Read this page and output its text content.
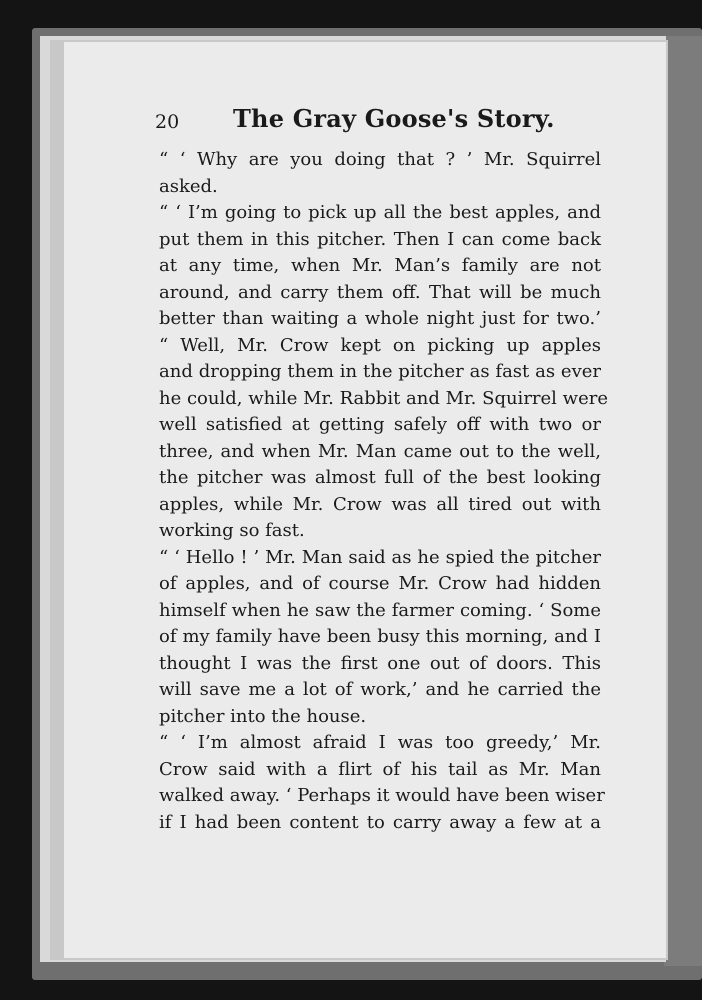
20 The Gray Goose's Story.

“ ‘ Why are you doing that ? ’ Mr. Squirrel
asked.
“ ‘ I’m going to pick up all the best apples, and
put them in this pitcher. Then I can come back
at any time, when Mr. Man’s family are not
around, and carry them off. That will be much
better than waiting a whole night just for two.’
“ Well, Mr. Crow kept on picking up apples
and dropping them in the pitcher as fast as ever
he could, while Mr. Rabbit and Mr. Squirrel were
well satisfied at getting safely off with two or
three, and when Mr. Man came out to the well,
the pitcher was almost full of the best looking
apples, while Mr. Crow was all tired out with
working so fast.
“ ‘ Hello ! ’ Mr. Man said as he spied the pitcher
of apples, and of course Mr. Crow had hidden
himself when he saw the farmer coming. ‘ Some
of my family have been busy this morning, and I
thought I was the first one out of doors. This
will save me a lot of work,’ and he carried the
pitcher into the house.
“ ‘ I’m almost afraid I was too greedy,’ Mr.
Crow said with a flirt of his tail as Mr. Man
walked away. ‘ Perhaps it would have been wiser
if I had been content to carry away a few at a
